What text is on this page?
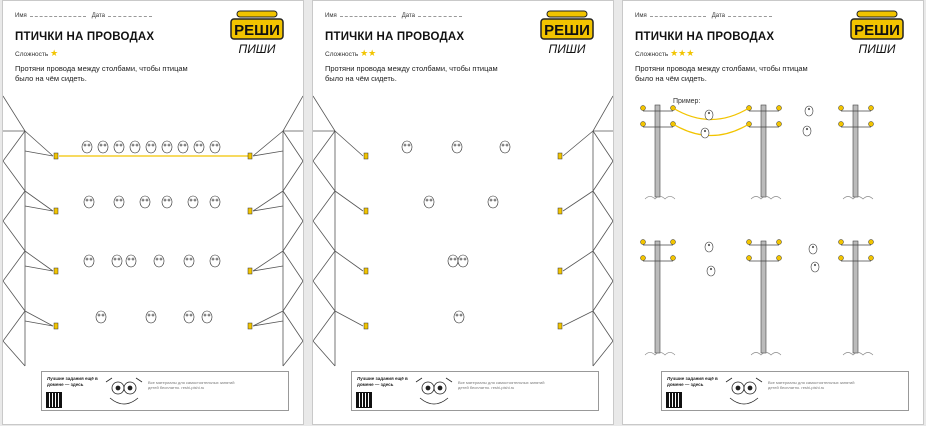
Имя	Дата
ПТИЧКИ НА ПРОВОДАХ
Сложность ★
Протяни провода между столбами, чтобы птицам было на чём сидеть.
РЕШИ
ПИШИ
Лучшие задания ещё в домене — здесь	Все материалы для самостоятельных занятий детей бесплатно. reshi-pishi.ru
Имя	Дата
ПТИЧКИ НА ПРОВОДАХ
Сложность ★★
Протяни провода между столбами, чтобы птицам было на чём сидеть.
РЕШИ
ПИШИ
Лучшие задания ещё в домене — здесь	Все материалы для самостоятельных занятий детей бесплатно. reshi-pishi.ru
Имя	Дата
ПТИЧКИ НА ПРОВОДАХ
Сложность ★★★
Протяни провода между столбами, чтобы птицам было на чём сидеть.
РЕШИ
ПИШИ
Пример:
Лучшие задания ещё в домене — здесь	Все материалы для самостоятельных занятий детей бесплатно. reshi-pishi.ru
